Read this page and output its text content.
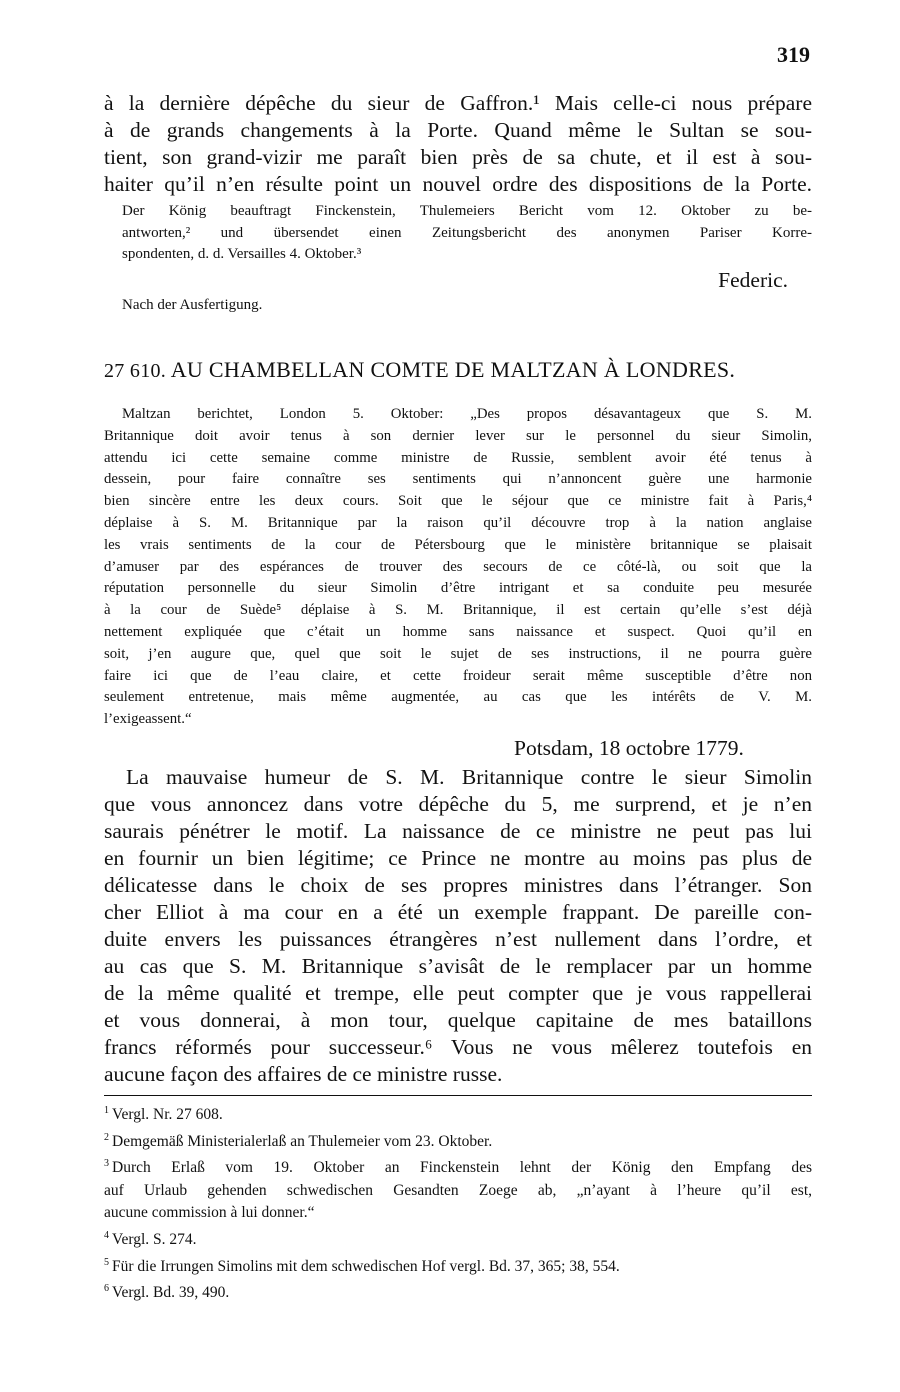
319
à la dernière dépêche du sieur de Gaffron.¹ Mais celle-ci nous prépare
à de grands changements à la Porte. Quand même le Sultan se sou-
tient, son grand-vizir me paraît bien près de sa chute, et il est à sou-
haiter qu’il n’en résulte point un nouvel ordre des dispositions de la Porte.
Der König beauftragt Finckenstein, Thulemeiers Bericht vom 12. Oktober zu be-
antworten,² und übersendet einen Zeitungsbericht des anonymen Pariser Korre-
spondenten, d. d. Versailles 4. Oktober.³
Federic.
Nach der Ausfertigung.
27 610. AU CHAMBELLAN COMTE DE MALTZAN À LONDRES.
Maltzan berichtet, London 5. Oktober: „Des propos désavantageux que S. M.
Britannique doit avoir tenus à son dernier lever sur le personnel du sieur Simolin,
attendu ici cette semaine comme ministre de Russie, semblent avoir été tenus à
dessein, pour faire connaître ses sentiments qui n’annoncent guère une harmonie
bien sincère entre les deux cours. Soit que le séjour que ce ministre fait à Paris,⁴
déplaise à S. M. Britannique par la raison qu’il découvre trop à la nation anglaise
les vrais sentiments de la cour de Pétersbourg que le ministère britannique se plaisait
d’amuser par des espérances de trouver des secours de ce côté-là, ou soit que la
réputation personnelle du sieur Simolin d’être intrigant et sa conduite peu mesurée
à la cour de Suède⁵ déplaise à S. M. Britannique, il est certain qu’elle s’est déjà
nettement expliquée que c’était un homme sans naissance et suspect. Quoi qu’il en
soit, j’en augure que, quel que soit le sujet de ses instructions, il ne pourra guère
faire ici que de l’eau claire, et cette froideur serait même susceptible d’être non
seulement entretenue, mais même augmentée, au cas que les intérêts de V. M.
l’exigeassent.“
Potsdam, 18 octobre 1779.
La mauvaise humeur de S. M. Britannique contre le sieur Simolin
que vous annoncez dans votre dépêche du 5, me surprend, et je n’en
saurais pénétrer le motif. La naissance de ce ministre ne peut pas lui
en fournir un bien légitime; ce Prince ne montre au moins pas plus de
délicatesse dans le choix de ses propres ministres dans l’étranger. Son
cher Elliot à ma cour en a été un exemple frappant. De pareille con-
duite envers les puissances étrangères n’est nullement dans l’ordre, et
au cas que S. M. Britannique s’avisât de le remplacer par un homme
de la même qualité et trempe, elle peut compter que je vous rappellerai
et vous donnerai, à mon tour, quelque capitaine de mes bataillons
francs réformés pour successeur.⁶ Vous ne vous mêlerez toutefois en
aucune façon des affaires de ce ministre russe.
$^1$ Vergl. Nr. 27 608.
$^2$ Demgemäß Ministerialerlaß an Thulemeier vom 23. Oktober.
$^3$ Durch Erlaß vom 19. Oktober an Finckenstein lehnt der König den Empfang des
auf Urlaub gehenden schwedischen Gesandten Zoege ab, „n’ayant à l’heure qu’il est,
aucune commission à lui donner.“
$^4$ Vergl. S. 274.
$^5$ Für die Irrungen Simolins mit dem schwedischen Hof vergl. Bd. 37, 365; 38, 554.
$^6$ Vergl. Bd. 39, 490.
